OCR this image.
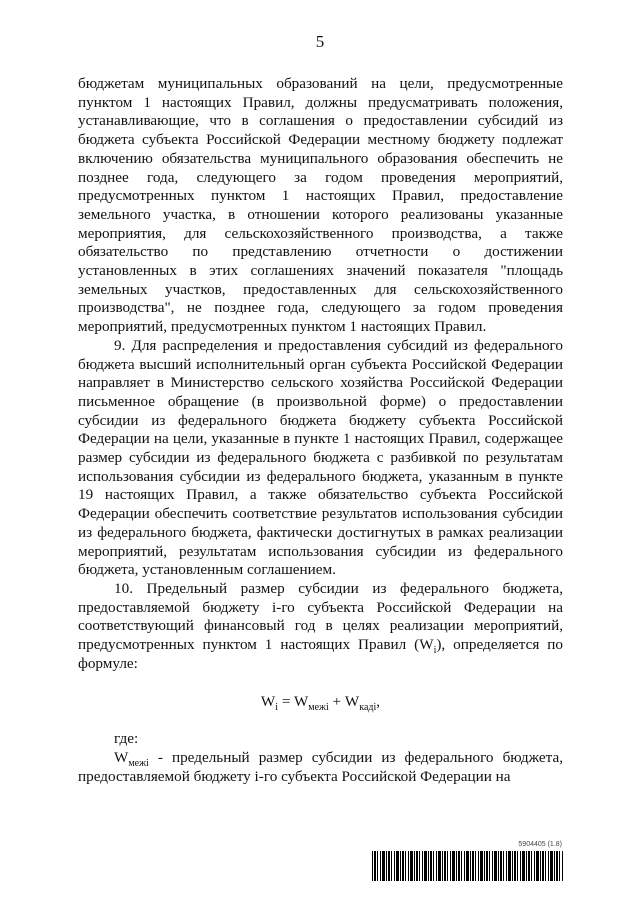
5

бюджетам муниципальных образований на цели, предусмотренные пунктом 1 настоящих Правил, должны предусматривать положения, устанавливающие, что в соглашения о предоставлении субсидий из бюджета субъекта Российской Федерации местному бюджету подлежат включению обязательства муниципального образования обеспечить не позднее года, следующего за годом проведения мероприятий, предусмотренных пунктом 1 настоящих Правил, предоставление земельного участка, в отношении которого реализованы указанные мероприятия, для сельскохозяйственного производства, а также обязательство по представлению отчетности о достижении установленных в этих соглашениях значений показателя "площадь земельных участков, предоставленных для сельскохозяйственного производства", не позднее года, следующего за годом проведения мероприятий, предусмотренных пунктом 1 настоящих Правил.

9. Для распределения и предоставления субсидий из федерального бюджета высший исполнительный орган субъекта Российской Федерации направляет в Министерство сельского хозяйства Российской Федерации письменное обращение (в произвольной форме) о предоставлении субсидии из федерального бюджета бюджету субъекта Российской Федерации на цели, указанные в пункте 1 настоящих Правил, содержащее размер субсидии из федерального бюджета с разбивкой по результатам использования субсидии из федерального бюджета, указанным в пункте 19 настоящих Правил, а также обязательство субъекта Российской Федерации обеспечить соответствие результатов использования субсидии из федерального бюджета, фактически достигнутых в рамках реализации мероприятий, результатам использования субсидии из федерального бюджета, установленным соглашением.

10. Предельный размер субсидии из федерального бюджета, предоставляемой бюджету i-го субъекта Российской Федерации на соответствующий финансовый год в целях реализации мероприятий, предусмотренных пунктом 1 настоящих Правил $(W_i)$, определяется по формуле:

$W_i = W_{межі} + W_{кадi}$,

где:

$W_{межі}$ - предельный размер субсидии из федерального бюджета, предоставляемой бюджету i-го субъекта Российской Федерации на

5904405 (1.8)
